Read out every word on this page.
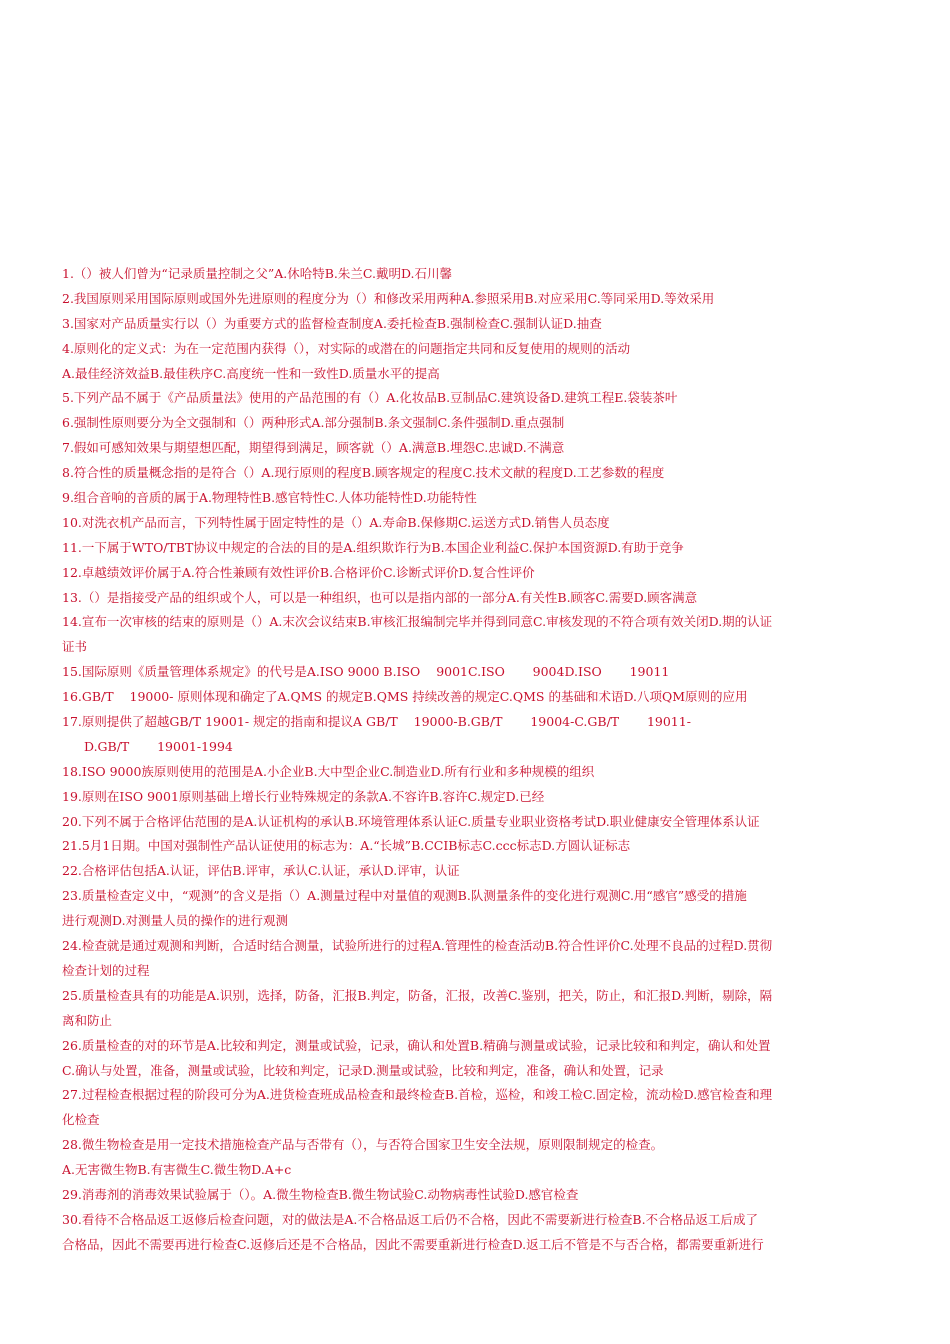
1.（）被人们曾为“记录质量控制之父”A.休哈特B.朱兰C.戴明D.石川馨
2.我国原则采用国际原则或国外先进原则的程度分为（）和修改采用两种A.参照采用B.对应采用C.等同采用D.等效采用
3.国家对产品质量实行以（）为重要方式的监督检查制度A.委托检查B.强制检查C.强制认证D.抽查
4.原则化的定义式：为在一定范围内获得（），对实际的或潜在的问题指定共同和反复使用的规则的活动
A.最佳经济效益B.最佳秩序C.高度统一性和一致性D.质量水平的提高
5.下列产品不属于《产品质量法》使用的产品范围的有（）A.化妆品B.豆制品C.建筑设备D.建筑工程E.袋装茶叶
6.强制性原则要分为全文强制和（）两种形式A.部分强制B.条文强制C.条件强制D.重点强制
7.假如可感知效果与期望想匹配，期望得到满足，顾客就（）A.满意B.埋怨C.忠诚D.不满意
8.符合性的质量概念指的是符合（）A.现行原则的程度B.顾客规定的程度C.技术文献的程度D.工艺参数的程度
9.组合音响的音质的属于A.物理特性B.感官特性C.人体功能特性D.功能特性
10.对洗衣机产品而言，下列特性属于固定特性的是（）A.寿命B.保修期C.运送方式D.销售人员态度
11.一下属于WTO/TBT协议中规定的合法的目的是A.组织欺诈行为B.本国企业利益C.保护本国资源D.有助于竞争
12.卓越绩效评价属于A.符合性兼顾有效性评价B.合格评价C.诊断式评价D.复合性评价
13.（）是指接受产品的组织或个人，可以是一种组织，也可以是指内部的一部分A.有关性B.顾客C.需要D.顾客满意
14.宣布一次审核的结束的原则是（）A.末次会议结束B.审核汇报编制完毕并得到同意C.审核发现的不符合项有效关闭D.期的认证
证书
15.国际原则《质量管理体系规定》的代号是A.ISO 9000 B.ISO    9001C.ISO       9004D.ISO       19011
16.GB/T    19000- 原则体现和确定了A.QMS 的规定B.QMS 持续改善的规定C.QMS 的基础和术语D.八项QM原则的应用
17.原则提供了超越GB/T 19001- 规定的指南和提议A GB/T    19000-B.GB/T       19004-C.GB/T       19011-
D.GB/T       19001-1994
18.ISO 9000族原则使用的范围是A.小企业B.大中型企业C.制造业D.所有行业和多种规模的组织
19.原则在ISO 9001原则基础上增长行业特殊规定的条款A.不容许B.容许C.规定D.已经
20.下列不属于合格评估范围的是A.认证机构的承认B.环境管理体系认证C.质量专业职业资格考试D.职业健康安全管理体系认证
21.5月1日期。中国对强制性产品认证使用的标志为：A.“长城”B.CCIB标志C.ccc标志D.方圆认证标志
22.合格评估包括A.认证，评估B.评审，承认C.认证，承认D.评审，认证
23.质量检查定义中，“观测”的含义是指（）A.测量过程中对量值的观测B.队测量条件的变化进行观测C.用“感官”感受的措施
进行观测D.对测量人员的操作的进行观测
24.检查就是通过观测和判断，合适时结合测量，试验所进行的过程A.管理性的检查活动B.符合性评价C.处理不良品的过程D.贯彻
检查计划的过程
25.质量检查具有的功能是A.识别，选择，防备，汇报B.判定，防备，汇报，改善C.鉴别，把关，防止，和汇报D.判断，剔除，隔
离和防止
26.质量检查的对的环节是A.比较和判定，测量或试验，记录，确认和处置B.精确与测量或试验，记录比较和和判定，确认和处置
C.确认与处置，准备，测量或试验，比较和判定，记录D.测量或试验，比较和判定，准备，确认和处置，记录
27.过程检查根据过程的阶段可分为A.进货检查班成品检查和最终检查B.首检，巡检，和竣工检C.固定检，流动检D.感官检查和理
化检查
28.微生物检查是用一定技术措施检查产品与否带有（），与否符合国家卫生安全法规，原则限制规定的检查。
A.无害微生物B.有害微生C.微生物D.A+c
29.消毒剂的消毒效果试验属于（）。A.微生物检查B.微生物试验C.动物病毒性试验D.感官检查
30.看待不合格品返工返修后检查问题，对的做法是A.不合格品返工后仍不合格，因此不需要新进行检查B.不合格品返工后成了
合格品，因此不需要再进行检查C.返修后还是不合格品，因此不需要重新进行检查D.返工后不管是不与否合格，都需要重新进行
